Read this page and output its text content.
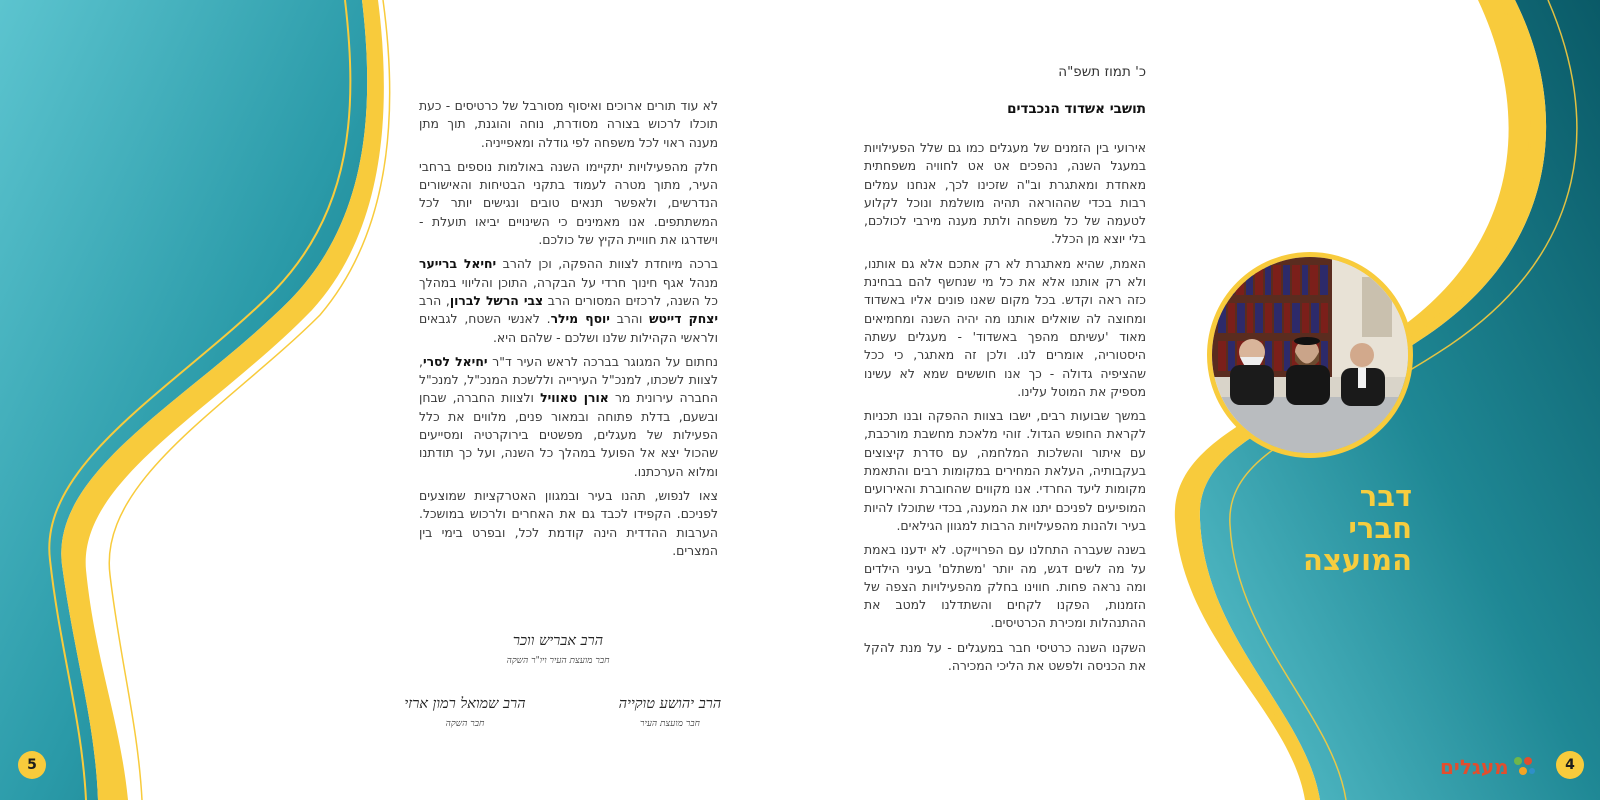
כ' תמוז תשפ"ה
תושבי אשדוד הנכבדים

אירועי בין הזמנים של מעגלים כמו גם שלל הפעילויות במעגל השנה, נהפכים אט אט לחוויה משפחתית מאחדת ומאתגרת וב"ה שזכינו לכך, אנחנו עמלים רבות בכדי שההוראה תהיה מושלמת ונוכל לקלוע לטעמה של כל משפחה ולתת מענה מירבי לכולכם, בלי יוצא מן הכלל.

האמת, שהיא מאתגרת לא רק אתכם אלא גם אותנו, ולא רק אותנו אלא את כל מי שנחשף להם בבחינת כזה ראה וקדש. בכל מקום שאנו פונים אליו באשדוד ומחוצה לה שואלים אותנו מה יהיה השנה ומחמיאים מאוד 'עשיתם מהפך באשדוד' - מעגלים עשתה היסטוריה, אומרים לנו. ולכן זה מאתגר, כי ככל שהציפיה גדולה - כך אנו חוששים שמא לא עשינו מספיק את המוטל עלינו.

במשך שבועות רבים, ישבו בצוות ההפקה ובנו תכניות לקראת החופש הגדול. זוהי מלאכת מחשבת מורכבת, עם איתור והשלכות המלחמה, עם סדרת קיצוצים בעקבותיה, העלאת המחירים במקומות רבים והתאמת מקומות ליעד החרדי. אנו מקווים שהחוברת והאירועים המופיעים לפניכם יתנו את המענה, בכדי שתוכלו להיות בעיר ולהנות מהפעילויות הרבות למגוון הגילאים.

בשנה שעברה התחלנו עם הפרוייקט. לא ידענו באמת על מה לשים דגש, מה יותר 'משתלם' בעיני הילדים ומה נראה פחות. חווינו בחלק מהפעילויות הצפה של הזמנות, הפקנו לקחים והשתדלנו למטב את ההתנהלות ומכירת הכרטיסים.

השקנו השנה כרטיסי חבר במעגלים - על מנת להקל את הכניסה ולפשט את הליכי המכירה.

לא עוד תורים ארוכים ואיסוף מסורבל של כרטיסים - כעת תוכלו לרכוש בצורה מסודרת, נוחה והוגנת, תוך מתן מענה ראוי לכל משפחה לפי גודלה ומאפייניה.

חלק מהפעילויות יתקיימו השנה באולמות נוספים ברחבי העיר, מתוך מטרה לעמוד בתקני הבטיחות והאישורים הנדרשים, ולאפשר תנאים טובים ונגישים יותר לכל המשתתפים. אנו מאמינים כי השינויים יביאו תועלת - וישדרגו את חוויית הקיץ של כולכם.

ברכה מיוחדת לצוות ההפקה, וכן להרב יחיאל ברייער מנהל אגף חינוך חרדי על הבקרה, התוכן והליווי במהלך כל השנה, לרכזים המסורים הרב צבי הרשל לברון, הרב יצחק דייטש והרב יוסף מילר. לאנשי השטח, לגבאים ולראשי הקהילות שלנו ושלכם - שלהם היא.

נחתום על המגוגר בברכה לראש העיר ד"ר יחיאל לסרי, לצוות לשכתו, למנכ"ל העירייה וללשכת המנכ"ל, למנכ"ל החברה עירונית מר אורן טאוויל ולצוות החברה, שבחן ובשעם, בדלת פתוחה ובמאור פנים, מלווים את כלל הפעילות של מעגלים, מפשטים בירוקרטיה ומסייעים שהכול יצא אל הפועל במהלך כל השנה, ועל כך תודתנו ומלוא הערכתנו.

צאו לנפוש, תהנו בעיר ובמגוון האטרקציות שמוצעים לפניכם. הקפידו לכבד גם את האחרים ולרכוש במושכל. הערבות ההדדית הינה קודמת לכל, ובפרט בימי בין המצרים.

הרב אבריש ווכר
חבר מועצת העיר ויו"ר השקה
הרב יהושע טוקייה
חבר מועצת העיר
הרב שמואל רמון ארזי
חבר השקה
דבר
חברי
המועצה
מעגלים
5	4
